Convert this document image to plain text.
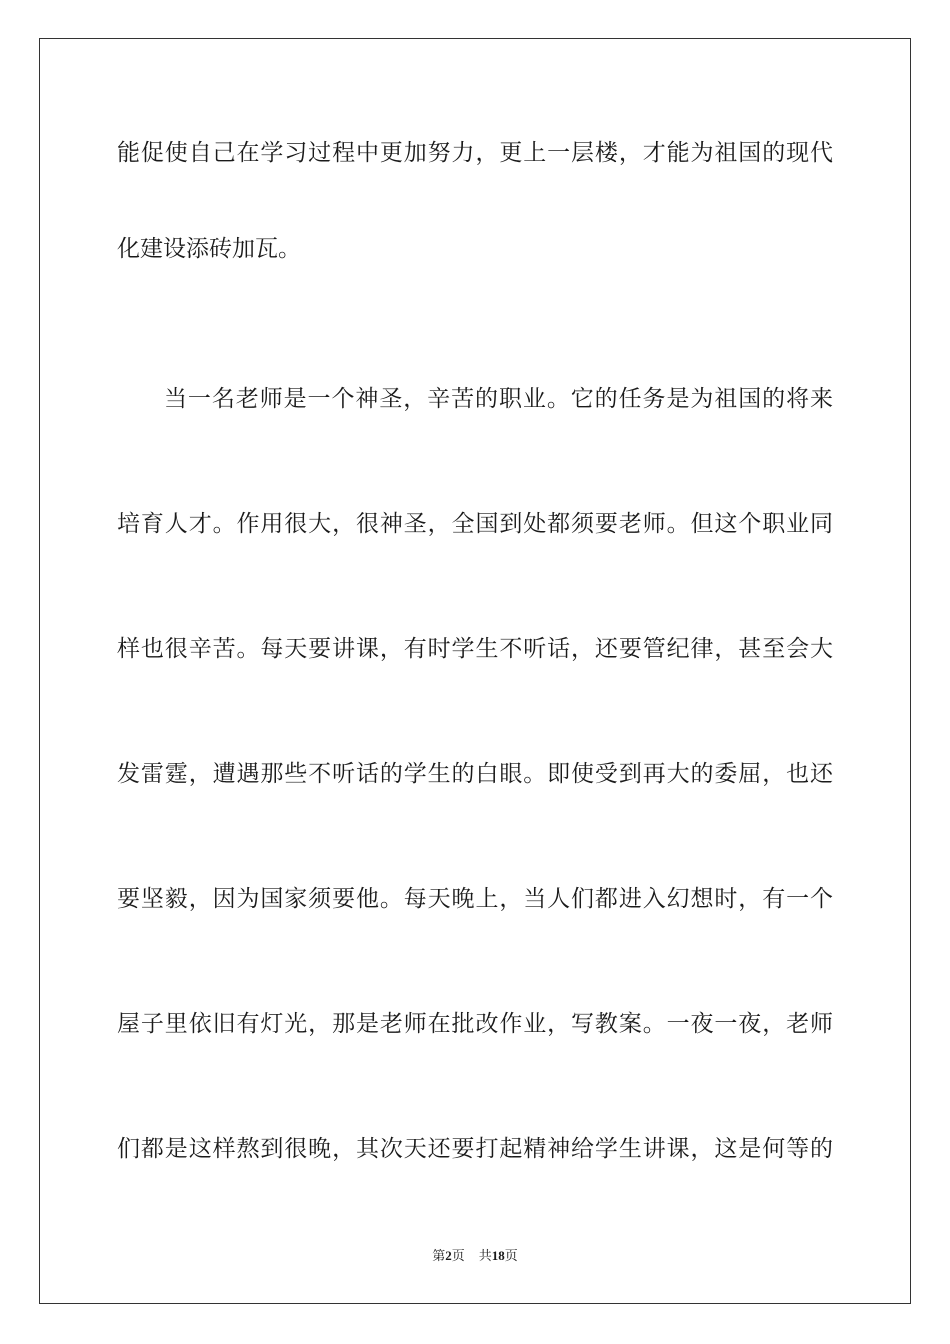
能促使自己在学习过程中更加努力，更上一层楼，才能为祖国的现代
化建设添砖加瓦。
当一名老师是一个神圣，辛苦的职业。它的任务是为祖国的将来
培育人才。作用很大，很神圣，全国到处都须要老师。但这个职业同
样也很辛苦。每天要讲课，有时学生不听话，还要管纪律，甚至会大
发雷霆，遭遇那些不听话的学生的白眼。即使受到再大的委屈，也还
要坚毅，因为国家须要他。每天晚上，当人们都进入幻想时，有一个
屋子里依旧有灯光，那是老师在批改作业，写教案。一夜一夜，老师
们都是这样熬到很晚，其次天还要打起精神给学生讲课，这是何等的
第2页 共18页
